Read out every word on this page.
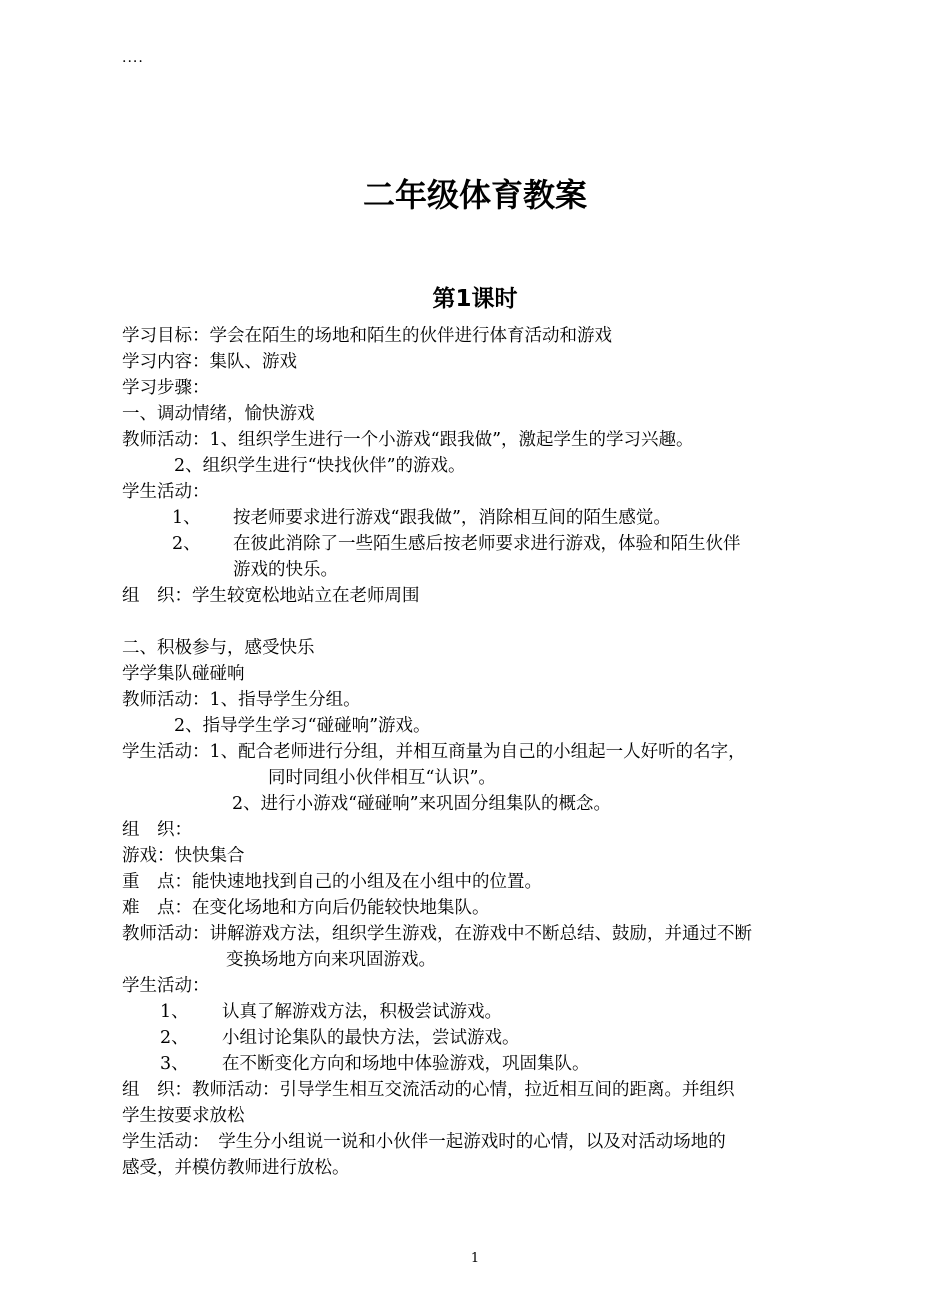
....
二年级体育教案
第1课时
学习目标：学会在陌生的场地和陌生的伙伴进行体育活动和游戏
学习内容：集队、游戏
学习步骤：
一、调动情绪，愉快游戏
教师活动：1、组织学生进行一个小游戏“跟我做”，激起学生的学习兴趣。
2、组织学生进行“快找伙伴”的游戏。
学生活动：
1、 按老师要求进行游戏“跟我做”，消除相互间的陌生感觉。
2、 在彼此消除了一些陌生感后按老师要求进行游戏，体验和陌生伙伴
游戏的快乐。
组　织：学生较宽松地站立在老师周围
二、积极参与，感受快乐
学学集队碰碰响
教师活动：1、指导学生分组。
2、指导学生学习“碰碰响”游戏。
学生活动：1、配合老师进行分组，并相互商量为自己的小组起一人好听的名字，
同时同组小伙伴相互“认识”。
2、进行小游戏“碰碰响”来巩固分组集队的概念。
组　织：
游戏：快快集合
重　点：能快速地找到自己的小组及在小组中的位置。
难　点：在变化场地和方向后仍能较快地集队。
教师活动：讲解游戏方法，组织学生游戏，在游戏中不断总结、鼓励，并通过不断
变换场地方向来巩固游戏。
学生活动：
1、 认真了解游戏方法，积极尝试游戏。
2、 小组讨论集队的最快方法，尝试游戏。
3、 在不断变化方向和场地中体验游戏，巩固集队。
组　织：教师活动：引导学生相互交流活动的心情，拉近相互间的距离。并组织
学生按要求放松
学生活动：　学生分小组说一说和小伙伴一起游戏时的心情，以及对活动场地的
感受，并模仿教师进行放松。
1
